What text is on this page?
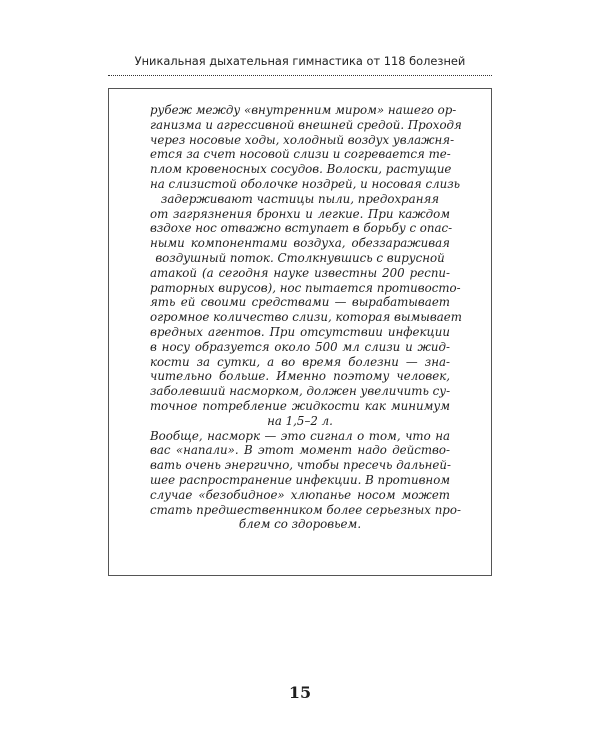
Уникальная дыхательная гимнастика от 118 болезней
рубеж между «внутренним миром» нашего ор-
ганизма и агрессивной внешней средой. Проходя
через носовые ходы, холодный воздух увлажня-
ется за счет носовой слизи и согревается те-
плом кровеносных сосудов. Волоски, растущие
на слизистой оболочке ноздрей, и носовая слизь
задерживают частицы пыли, предохраняя
от загрязнения бронхи и легкие. При каждом
вздохе нос отважно вступает в борьбу с опас-
ными компонентами воздуха, обеззараживая
воздушный поток. Столкнувшись с вирусной
атакой (а сегодня науке известны 200 респи-
раторных вирусов), нос пытается противосто-
ять ей своими средствами — вырабатывает
огромное количество слизи, которая вымывает
вредных агентов. При отсутствии инфекции
в носу образуется около 500 мл слизи и жид-
кости за сутки, а во время болезни — зна-
чительно больше. Именно поэтому человек,
заболевший насморком, должен увеличить су-
точное потребление жидкости как минимум
на 1,5–2 л.
Вообще, насморк — это сигнал о том, что на
вас «напали». В этот момент надо действо-
вать очень энергично, чтобы пресечь дальней-
шее распространение инфекции. В противном
случае «безобидное» хлюпанье носом может
стать предшественником более серьезных про-
блем со здоровьем.
15
